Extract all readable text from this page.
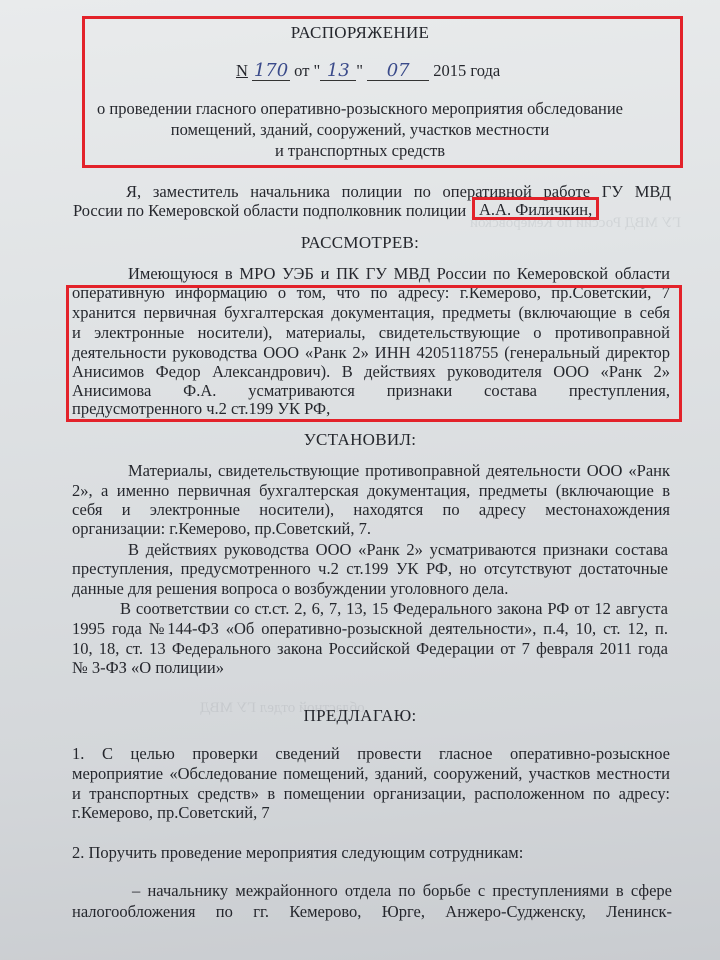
ГУ МВД России по Кемеровской
областной отдел ГУ МВД
РАСПОРЯЖЕНИЕ
N 170 от " 13 " 07 2015 года
о проведении гласного оперативно-розыскного мероприятия обследование
помещений, зданий, сооружений, участков местности
и транспортных средств
Я, заместитель начальника полиции по оперативной работе ГУ МВД
России по Кемеровской области подполковник полиции А.А. Филичкин,
РАССМОТРЕВ:
Имеющуюся в МРО УЭБ и ПК ГУ МВД России по Кемеровской области
оперативную информацию о том, что по адресу: г.Кемерово, пр.Советский, 7
хранится первичная бухгалтерская документация, предметы (включающие в себя
и электронные носители), материалы, свидетельствующие о противоправной
деятельности руководства ООО «Ранк 2» ИНН 4205118755 (генеральный директор
Анисимов Федор Александрович). В действиях руководителя ООО «Ранк 2»
Анисимова Ф.А. усматриваются признаки состава преступления,
предусмотренного ч.2 ст.199 УК РФ,
УСТАНОВИЛ:
Материалы, свидетельствующие противоправной деятельности ООО «Ранк
2», а именно первичная бухгалтерская документация, предметы (включающие в
себя и электронные носители), находятся по адресу местонахождения
организации: г.Кемерово, пр.Советский, 7.
В действиях руководства ООО «Ранк 2» усматриваются признаки состава
преступления, предусмотренного ч.2 ст.199 УК РФ, но отсутствуют достаточные
данные для решения вопроса о возбуждении уголовного дела.
В соответствии со ст.ст. 2, 6, 7, 13, 15 Федерального закона РФ от 12 августа
1995 года №144-ФЗ «Об оперативно-розыскной деятельности», п.4, 10, ст. 12, п.
10, 18, ст. 13 Федерального закона Российской Федерации от 7 февраля 2011 года
№ 3-ФЗ «О полиции»
ПРЕДЛАГАЮ:
1. С целью проверки сведений провести гласное оперативно-розыскное
мероприятие «Обследование помещений, зданий, сооружений, участков местности
и транспортных средств» в помещении организации, расположенном по адресу:
г.Кемерово, пр.Советский, 7
2. Поручить проведение мероприятия следующим сотрудникам:
– начальнику межрайонного отдела по борьбе с преступлениями в сфере
налогообложения по гг. Кемерово, Юрге, Анжеро-Судженску, Ленинск-
